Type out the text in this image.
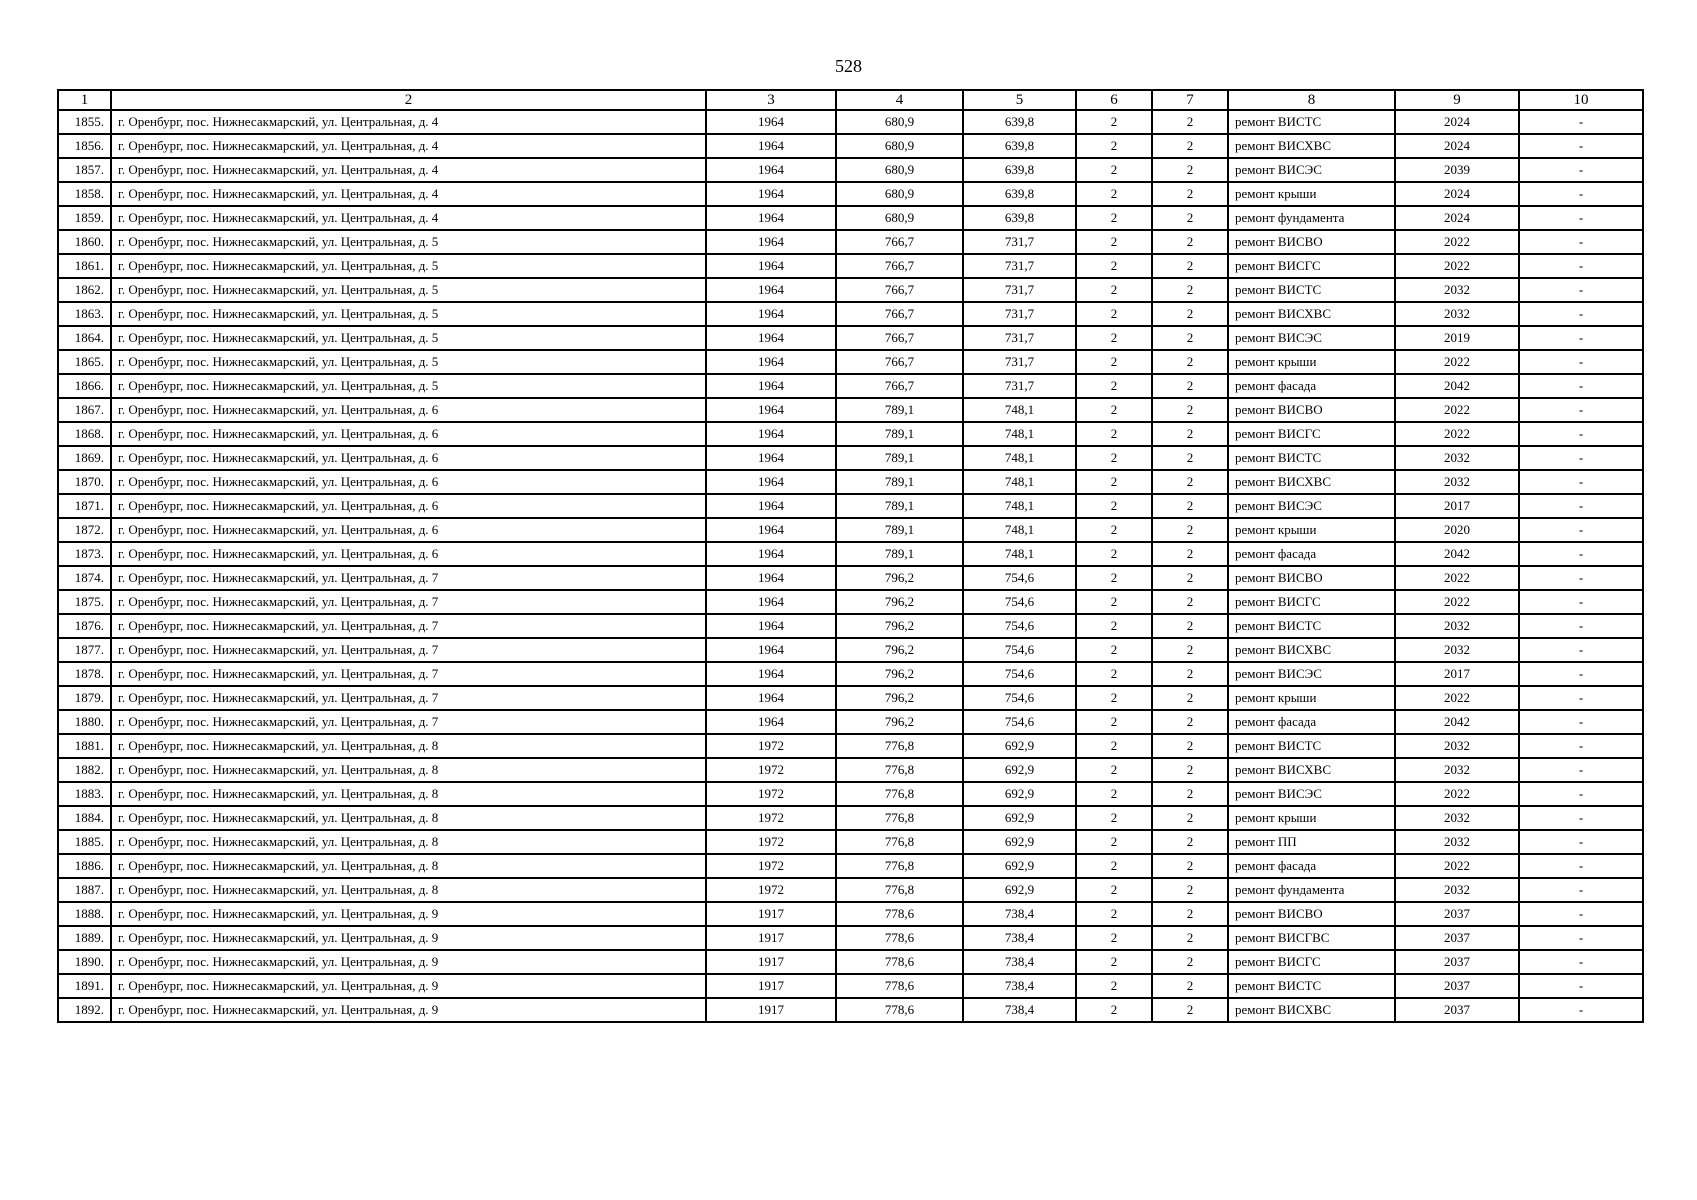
528
1	2	3	4	5	6	7	8	9	10
1855.	г. Оренбург, пос. Нижнесакмарский, ул. Центральная, д. 4	1964	680,9	639,8	2	2	ремонт ВИСТС	2024	-
1856.	г. Оренбург, пос. Нижнесакмарский, ул. Центральная, д. 4	1964	680,9	639,8	2	2	ремонт ВИСХВС	2024	-
1857.	г. Оренбург, пос. Нижнесакмарский, ул. Центральная, д. 4	1964	680,9	639,8	2	2	ремонт ВИСЭС	2039	-
1858.	г. Оренбург, пос. Нижнесакмарский, ул. Центральная, д. 4	1964	680,9	639,8	2	2	ремонт крыши	2024	-
1859.	г. Оренбург, пос. Нижнесакмарский, ул. Центральная, д. 4	1964	680,9	639,8	2	2	ремонт фундамента	2024	-
1860.	г. Оренбург, пос. Нижнесакмарский, ул. Центральная, д. 5	1964	766,7	731,7	2	2	ремонт ВИСВО	2022	-
1861.	г. Оренбург, пос. Нижнесакмарский, ул. Центральная, д. 5	1964	766,7	731,7	2	2	ремонт ВИСГС	2022	-
1862.	г. Оренбург, пос. Нижнесакмарский, ул. Центральная, д. 5	1964	766,7	731,7	2	2	ремонт ВИСТС	2032	-
1863.	г. Оренбург, пос. Нижнесакмарский, ул. Центральная, д. 5	1964	766,7	731,7	2	2	ремонт ВИСХВС	2032	-
1864.	г. Оренбург, пос. Нижнесакмарский, ул. Центральная, д. 5	1964	766,7	731,7	2	2	ремонт ВИСЭС	2019	-
1865.	г. Оренбург, пос. Нижнесакмарский, ул. Центральная, д. 5	1964	766,7	731,7	2	2	ремонт крыши	2022	-
1866.	г. Оренбург, пос. Нижнесакмарский, ул. Центральная, д. 5	1964	766,7	731,7	2	2	ремонт фасада	2042	-
1867.	г. Оренбург, пос. Нижнесакмарский, ул. Центральная, д. 6	1964	789,1	748,1	2	2	ремонт ВИСВО	2022	-
1868.	г. Оренбург, пос. Нижнесакмарский, ул. Центральная, д. 6	1964	789,1	748,1	2	2	ремонт ВИСГС	2022	-
1869.	г. Оренбург, пос. Нижнесакмарский, ул. Центральная, д. 6	1964	789,1	748,1	2	2	ремонт ВИСТС	2032	-
1870.	г. Оренбург, пос. Нижнесакмарский, ул. Центральная, д. 6	1964	789,1	748,1	2	2	ремонт ВИСХВС	2032	-
1871.	г. Оренбург, пос. Нижнесакмарский, ул. Центральная, д. 6	1964	789,1	748,1	2	2	ремонт ВИСЭС	2017	-
1872.	г. Оренбург, пос. Нижнесакмарский, ул. Центральная, д. 6	1964	789,1	748,1	2	2	ремонт крыши	2020	-
1873.	г. Оренбург, пос. Нижнесакмарский, ул. Центральная, д. 6	1964	789,1	748,1	2	2	ремонт фасада	2042	-
1874.	г. Оренбург, пос. Нижнесакмарский, ул. Центральная, д. 7	1964	796,2	754,6	2	2	ремонт ВИСВО	2022	-
1875.	г. Оренбург, пос. Нижнесакмарский, ул. Центральная, д. 7	1964	796,2	754,6	2	2	ремонт ВИСГС	2022	-
1876.	г. Оренбург, пос. Нижнесакмарский, ул. Центральная, д. 7	1964	796,2	754,6	2	2	ремонт ВИСТС	2032	-
1877.	г. Оренбург, пос. Нижнесакмарский, ул. Центральная, д. 7	1964	796,2	754,6	2	2	ремонт ВИСХВС	2032	-
1878.	г. Оренбург, пос. Нижнесакмарский, ул. Центральная, д. 7	1964	796,2	754,6	2	2	ремонт ВИСЭС	2017	-
1879.	г. Оренбург, пос. Нижнесакмарский, ул. Центральная, д. 7	1964	796,2	754,6	2	2	ремонт крыши	2022	-
1880.	г. Оренбург, пос. Нижнесакмарский, ул. Центральная, д. 7	1964	796,2	754,6	2	2	ремонт фасада	2042	-
1881.	г. Оренбург, пос. Нижнесакмарский, ул. Центральная, д. 8	1972	776,8	692,9	2	2	ремонт ВИСТС	2032	-
1882.	г. Оренбург, пос. Нижнесакмарский, ул. Центральная, д. 8	1972	776,8	692,9	2	2	ремонт ВИСХВС	2032	-
1883.	г. Оренбург, пос. Нижнесакмарский, ул. Центральная, д. 8	1972	776,8	692,9	2	2	ремонт ВИСЭС	2022	-
1884.	г. Оренбург, пос. Нижнесакмарский, ул. Центральная, д. 8	1972	776,8	692,9	2	2	ремонт крыши	2032	-
1885.	г. Оренбург, пос. Нижнесакмарский, ул. Центральная, д. 8	1972	776,8	692,9	2	2	ремонт ПП	2032	-
1886.	г. Оренбург, пос. Нижнесакмарский, ул. Центральная, д. 8	1972	776,8	692,9	2	2	ремонт фасада	2022	-
1887.	г. Оренбург, пос. Нижнесакмарский, ул. Центральная, д. 8	1972	776,8	692,9	2	2	ремонт фундамента	2032	-
1888.	г. Оренбург, пос. Нижнесакмарский, ул. Центральная, д. 9	1917	778,6	738,4	2	2	ремонт ВИСВО	2037	-
1889.	г. Оренбург, пос. Нижнесакмарский, ул. Центральная, д. 9	1917	778,6	738,4	2	2	ремонт ВИСГВС	2037	-
1890.	г. Оренбург, пос. Нижнесакмарский, ул. Центральная, д. 9	1917	778,6	738,4	2	2	ремонт ВИСГС	2037	-
1891.	г. Оренбург, пос. Нижнесакмарский, ул. Центральная, д. 9	1917	778,6	738,4	2	2	ремонт ВИСТС	2037	-
1892.	г. Оренбург, пос. Нижнесакмарский, ул. Центральная, д. 9	1917	778,6	738,4	2	2	ремонт ВИСХВС	2037	-
